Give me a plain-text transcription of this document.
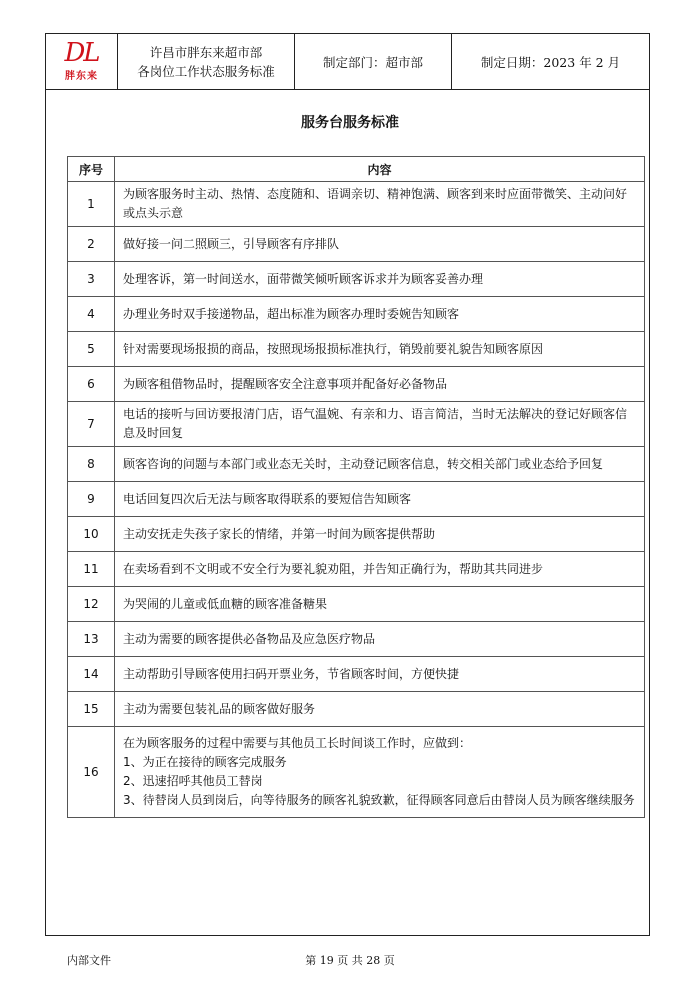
DL
胖东来
许昌市胖东来超市部
各岗位工作状态服务标准
制定部门：超市部	制定日期：2023 年 2 月
服务台服务标准
序号	内容
1	为顾客服务时主动、热情、态度随和、语调亲切、精神饱满、顾客到来时应面带微笑、主动问好或点头示意
2	做好接一问二照顾三，引导顾客有序排队
3	处理客诉，第一时间送水，面带微笑倾听顾客诉求并为顾客妥善办理
4	办理业务时双手接递物品，超出标准为顾客办理时委婉告知顾客
5	针对需要现场报损的商品，按照现场报损标准执行，销毁前要礼貌告知顾客原因
6	为顾客租借物品时，提醒顾客安全注意事项并配备好必备物品
7	电话的接听与回访要报清门店，语气温婉、有亲和力、语言简洁，当时无法解决的登记好顾客信息及时回复
8	顾客咨询的问题与本部门或业态无关时，主动登记顾客信息，转交相关部门或业态给予回复
9	电话回复四次后无法与顾客取得联系的要短信告知顾客
10	主动安抚走失孩子家长的情绪，并第一时间为顾客提供帮助
11	在卖场看到不文明或不安全行为要礼貌劝阻，并告知正确行为，帮助其共同进步
12	为哭闹的儿童或低血糖的顾客准备糖果
13	主动为需要的顾客提供必备物品及应急医疗物品
14	主动帮助引导顾客使用扫码开票业务，节省顾客时间，方便快捷
15	主动为需要包装礼品的顾客做好服务
16	在为顾客服务的过程中需要与其他员工长时间谈工作时，应做到：
1、为正在接待的顾客完成服务
2、迅速招呼其他员工替岗
3、待替岗人员到岗后，向等待服务的顾客礼貌致歉，征得顾客同意后由替岗人员为顾客继续服务
内部文件	第 19 页 共 28 页
